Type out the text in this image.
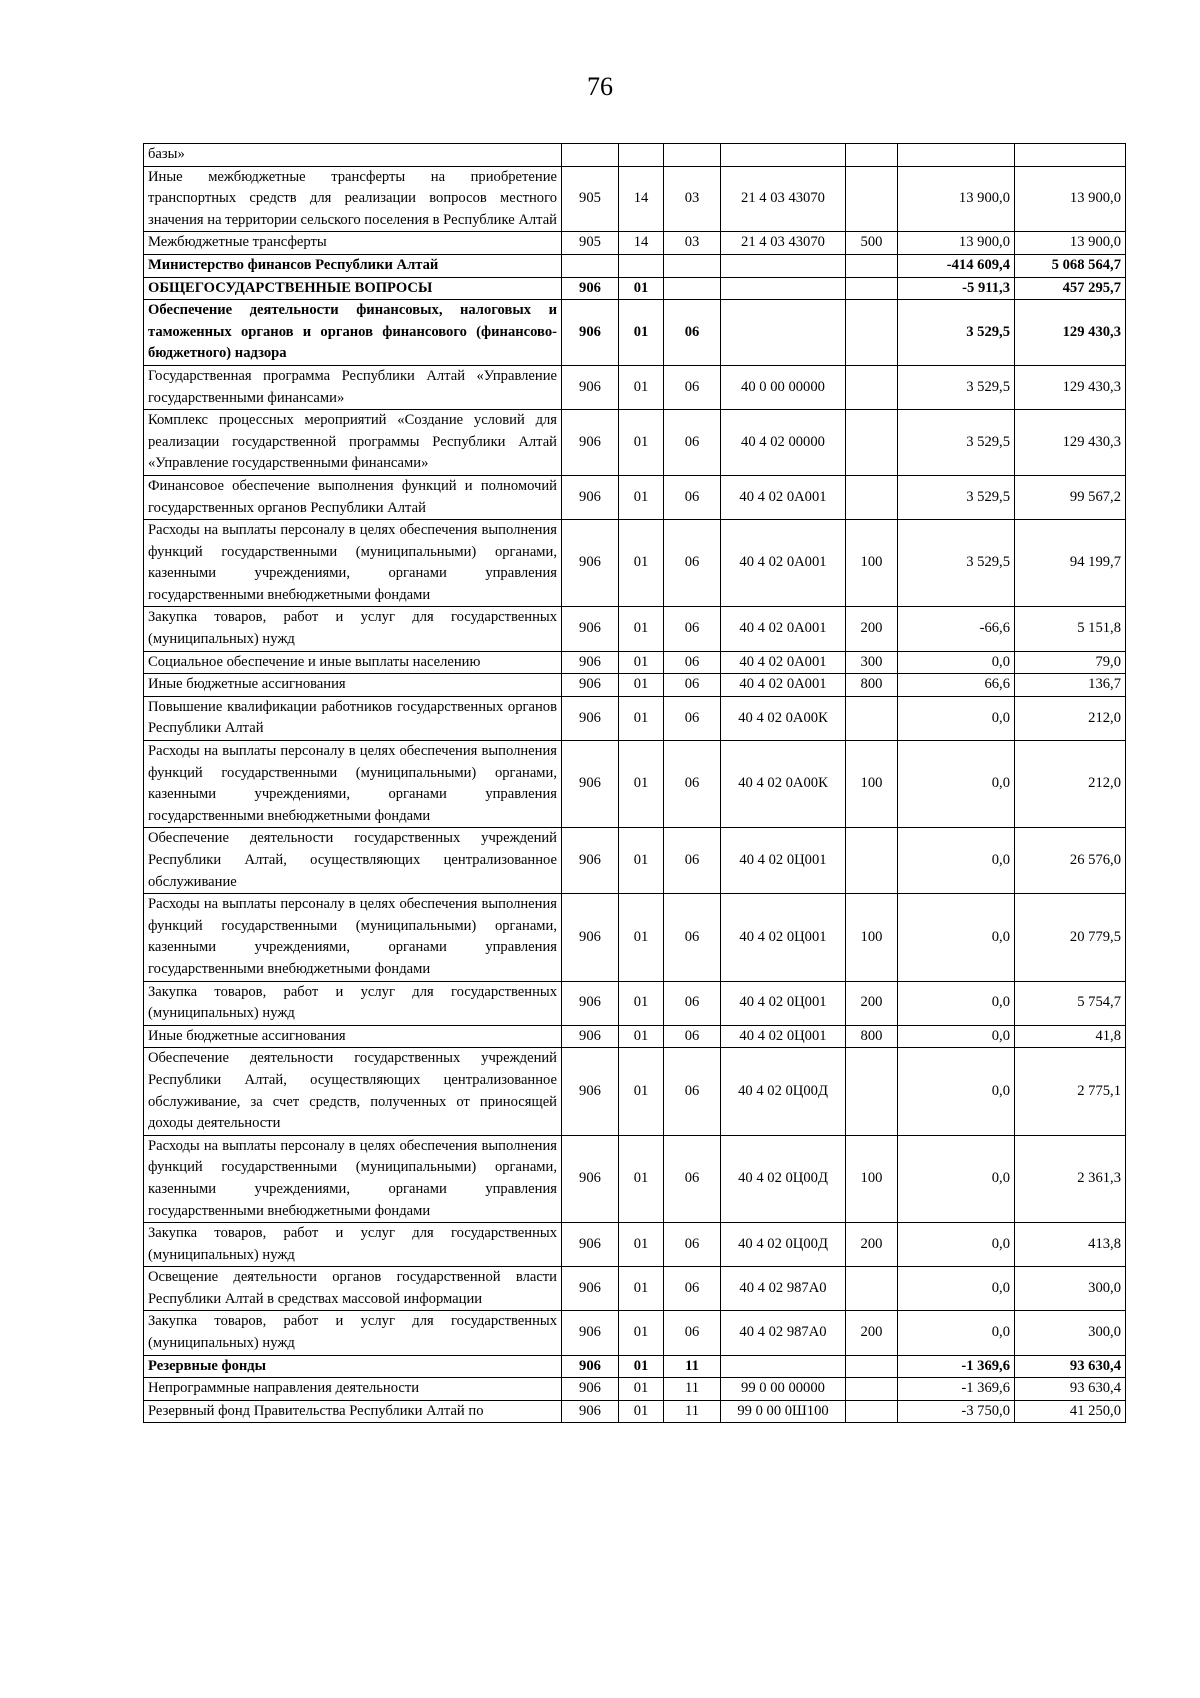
76
базы»							
Иные межбюджетные трансферты на приобретение транспортных средств для реализации вопросов местного значения на территории сельского поселения в Республике Алтай	905	14	03	21 4 03 43070		13 900,0	13 900,0
Межбюджетные трансферты	905	14	03	21 4 03 43070	500	13 900,0	13 900,0
Министерство финансов Республики Алтай						-414 609,4	5 068 564,7
ОБЩЕГОСУДАРСТВЕННЫЕ ВОПРОСЫ	906	01				-5 911,3	457 295,7
Обеспечение деятельности финансовых, налоговых и таможенных органов и органов финансового (финансово-бюджетного) надзора	906	01	06			3 529,5	129 430,3
Государственная программа Республики Алтай «Управление государственными финансами»	906	01	06	40 0 00 00000		3 529,5	129 430,3
Комплекс процессных мероприятий «Создание условий для реализации государственной программы Республики Алтай «Управление государственными финансами»	906	01	06	40 4 02 00000		3 529,5	129 430,3
Финансовое обеспечение выполнения функций и полномочий государственных органов Республики Алтай	906	01	06	40 4 02 0А001		3 529,5	99 567,2
Расходы на выплаты персоналу в целях обеспечения выполнения функций государственными (муниципальными) органами, казенными учреждениями, органами управления государственными внебюджетными фондами	906	01	06	40 4 02 0А001	100	3 529,5	94 199,7
Закупка товаров, работ и услуг для государственных (муниципальных) нужд	906	01	06	40 4 02 0А001	200	-66,6	5 151,8
Социальное обеспечение и иные выплаты населению	906	01	06	40 4 02 0А001	300	0,0	79,0
Иные бюджетные ассигнования	906	01	06	40 4 02 0А001	800	66,6	136,7
Повышение квалификации работников государственных органов Республики Алтай	906	01	06	40 4 02 0А00К		0,0	212,0
Расходы на выплаты персоналу в целях обеспечения выполнения функций государственными (муниципальными) органами, казенными учреждениями, органами управления государственными внебюджетными фондами	906	01	06	40 4 02 0А00К	100	0,0	212,0
Обеспечение деятельности государственных учреждений Республики Алтай, осуществляющих централизованное обслуживание	906	01	06	40 4 02 0Ц001		0,0	26 576,0
Расходы на выплаты персоналу в целях обеспечения выполнения функций государственными (муниципальными) органами, казенными учреждениями, органами управления государственными внебюджетными фондами	906	01	06	40 4 02 0Ц001	100	0,0	20 779,5
Закупка товаров, работ и услуг для государственных (муниципальных) нужд	906	01	06	40 4 02 0Ц001	200	0,0	5 754,7
Иные бюджетные ассигнования	906	01	06	40 4 02 0Ц001	800	0,0	41,8
Обеспечение деятельности государственных учреждений Республики Алтай, осуществляющих централизованное обслуживание, за счет средств, полученных от приносящей доходы деятельности	906	01	06	40 4 02 0Ц00Д		0,0	2 775,1
Расходы на выплаты персоналу в целях обеспечения выполнения функций государственными (муниципальными) органами, казенными учреждениями, органами управления государственными внебюджетными фондами	906	01	06	40 4 02 0Ц00Д	100	0,0	2 361,3
Закупка товаров, работ и услуг для государственных (муниципальных) нужд	906	01	06	40 4 02 0Ц00Д	200	0,0	413,8
Освещение деятельности органов государственной власти Республики Алтай в средствах массовой информации	906	01	06	40 4 02 987А0		0,0	300,0
Закупка товаров, работ и услуг для государственных (муниципальных) нужд	906	01	06	40 4 02 987А0	200	0,0	300,0
Резервные фонды	906	01	11			-1 369,6	93 630,4
Непрограммные направления деятельности	906	01	11	99 0 00 00000		-1 369,6	93 630,4
Резервный фонд Правительства Республики Алтай по	906	01	11	99 0 00 0Ш100		-3 750,0	41 250,0
